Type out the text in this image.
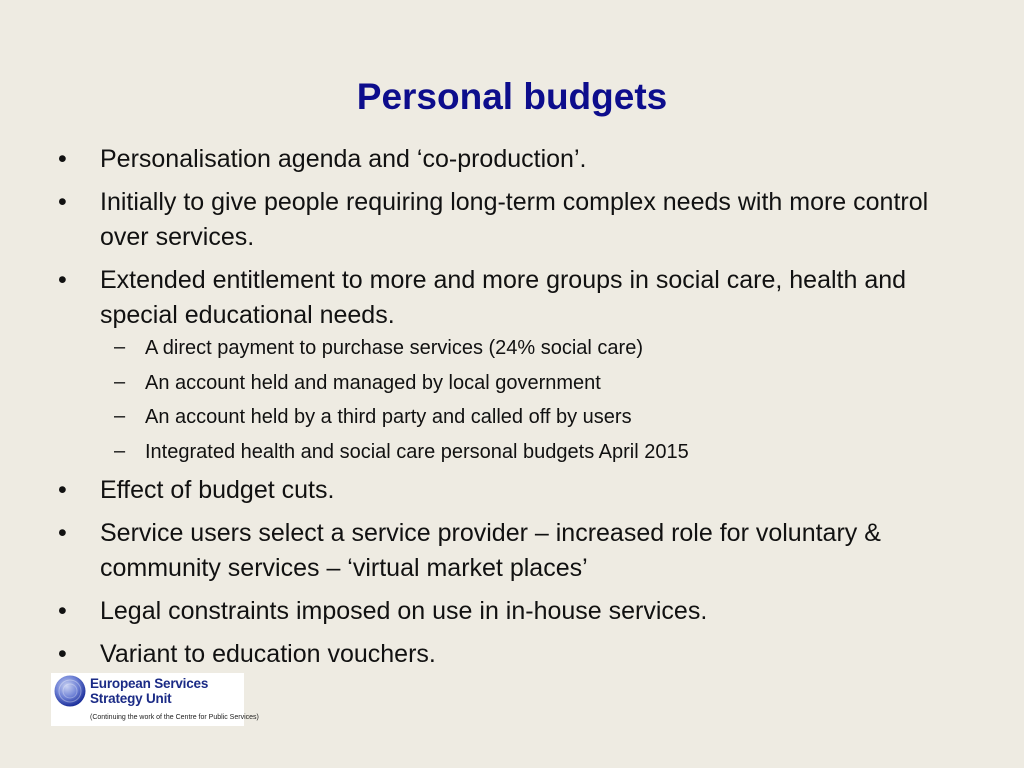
Personal budgets
• Personalisation agenda and ‘co-production’.
• Initially to give people requiring long-term complex needs with more control over services.
• Extended entitlement to more and more groups in social care, health and special educational needs.
– A direct payment to purchase services (24% social care)
– An account held and managed by local government
– An account held by a third party and called off by users
– Integrated health and social care personal budgets April 2015
• Effect of budget cuts.
• Service users select a service provider – increased role for voluntary & community services – ‘virtual market places’
• Legal constraints imposed on use in in-house services.
• Variant to education vouchers.
European Services
Strategy Unit
(Continuing the work of the Centre for Public Services)
